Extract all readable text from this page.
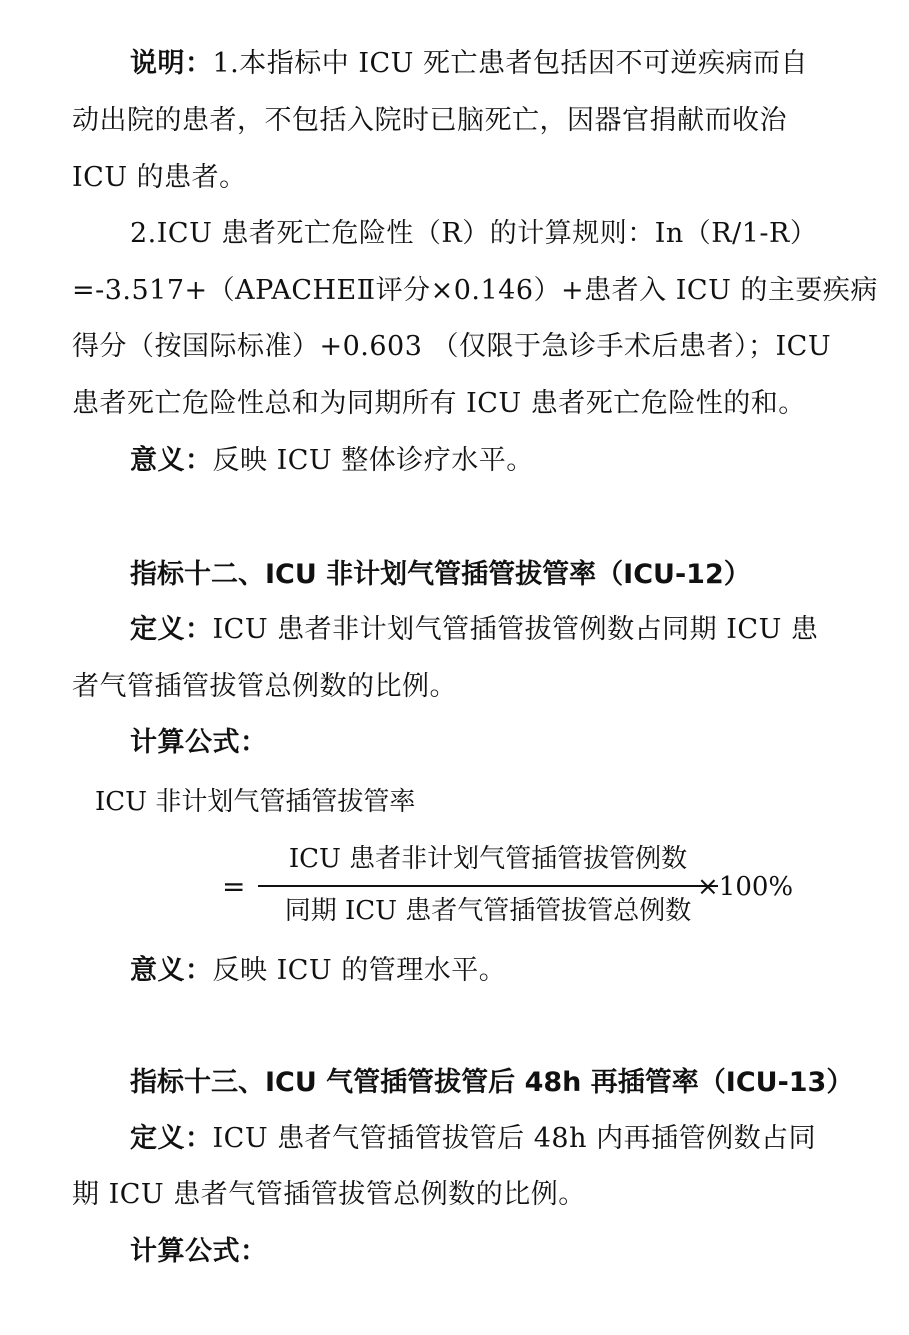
说明：1.本指标中 ICU 死亡患者包括因不可逆疾病而自
动出院的患者，不包括入院时已脑死亡，因器官捐献而收治
ICU 的患者。
2.ICU 患者死亡危险性（R）的计算规则：In（R/1-R）
=-3.517+（APACHEⅡ评分×0.146）+患者入 ICU 的主要疾病
得分（按国际标准）+0.603 （仅限于急诊手术后患者）；ICU
患者死亡危险性总和为同期所有 ICU 患者死亡危险性的和。
意义：反映 ICU 整体诊疗水平。
指标十二、ICU 非计划气管插管拔管率（ICU-12）
定义：ICU 患者非计划气管插管拔管例数占同期 ICU 患
者气管插管拔管总例数的比例。
计算公式：
ICU 非计划气管插管拔管率
=
ICU 患者非计划气管插管拔管例数
同期 ICU 患者气管插管拔管总例数
×100%
意义：反映 ICU 的管理水平。
指标十三、ICU 气管插管拔管后 48h 再插管率（ICU-13）
定义：ICU 患者气管插管拔管后 48h 内再插管例数占同
期 ICU 患者气管插管拔管总例数的比例。
计算公式：
